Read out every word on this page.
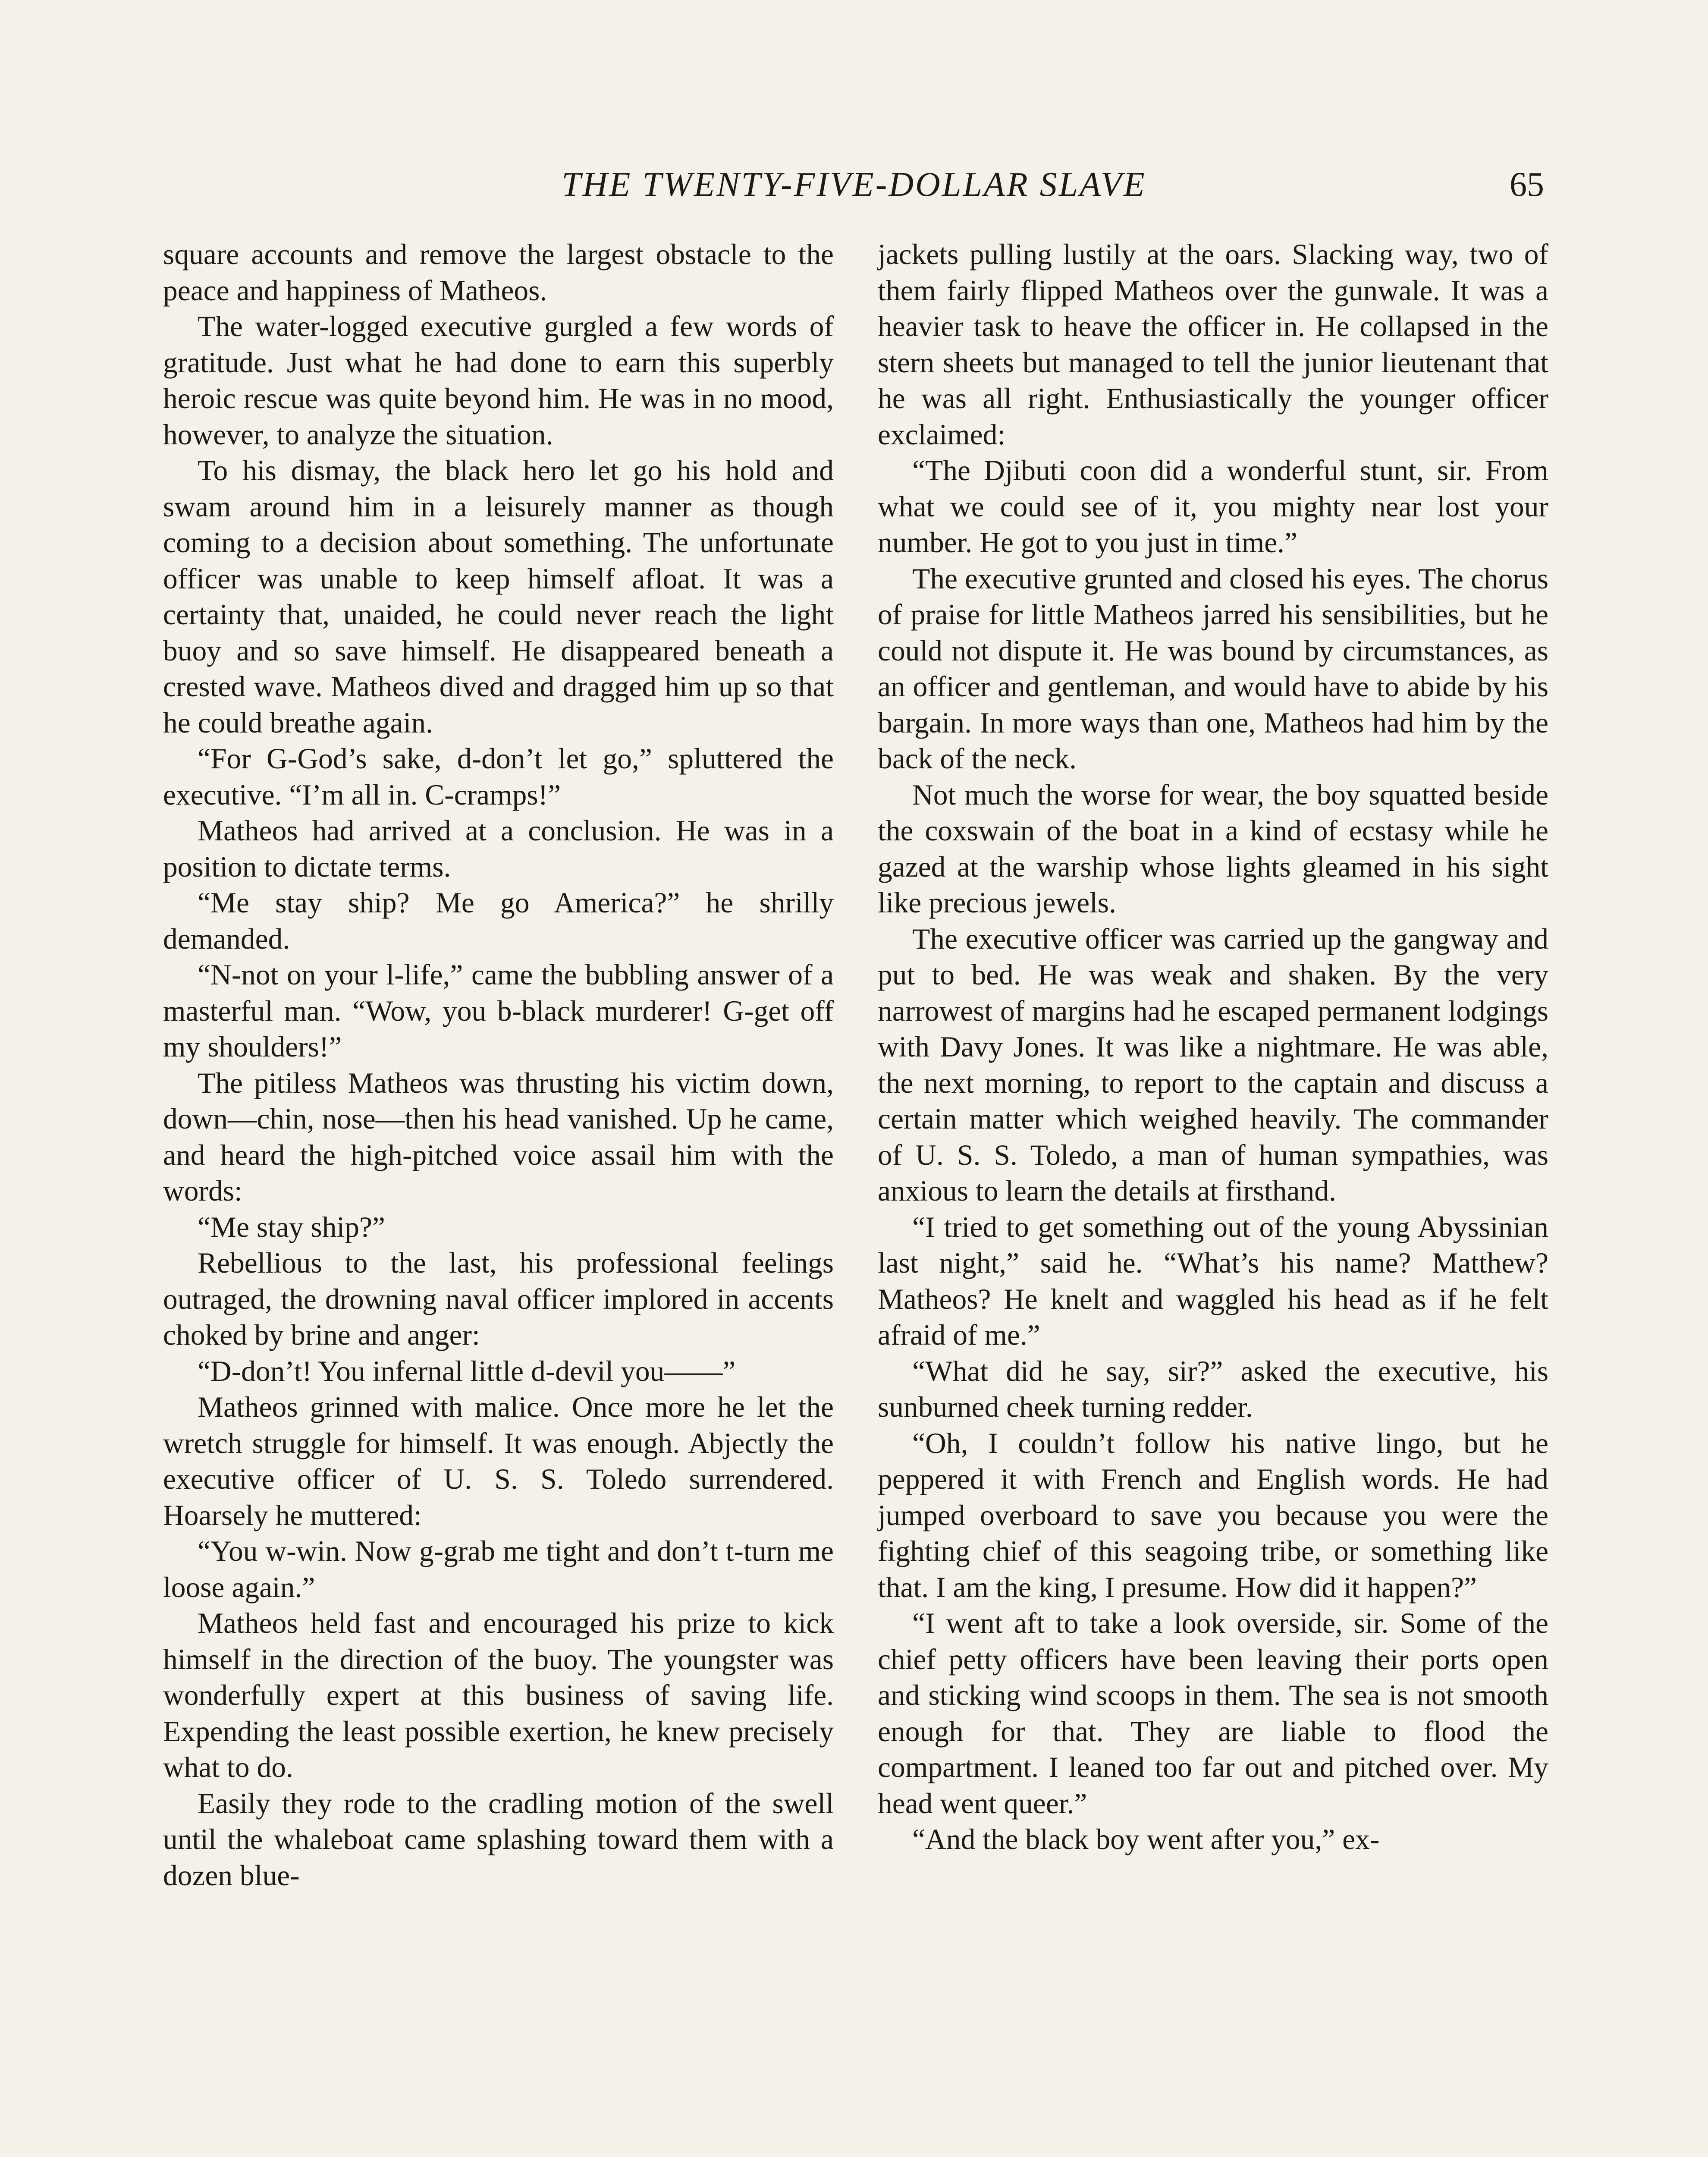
THE TWENTY-FIVE-DOLLAR SLAVE	65

square accounts and remove the largest obstacle to the peace and happiness of Matheos.

The water-logged executive gurgled a few words of gratitude. Just what he had done to earn this superbly heroic rescue was quite beyond him. He was in no mood, however, to analyze the situation.

To his dismay, the black hero let go his hold and swam around him in a leisurely manner as though coming to a decision about something. The unfortunate officer was unable to keep himself afloat. It was a certainty that, unaided, he could never reach the light buoy and so save himself. He disappeared beneath a crested wave. Matheos dived and dragged him up so that he could breathe again.

“For G-God’s sake, d-don’t let go,” spluttered the executive. “I’m all in. C-cramps!”

Matheos had arrived at a conclusion. He was in a position to dictate terms.

“Me stay ship? Me go America?” he shrilly demanded.

“N-not on your l-life,” came the bubbling answer of a masterful man. “Wow, you b-black murderer! G-get off my shoulders!”

The pitiless Matheos was thrusting his victim down, down—chin, nose—then his head vanished. Up he came, and heard the high-pitched voice assail him with the words:

“Me stay ship?”

Rebellious to the last, his professional feelings outraged, the drowning naval officer implored in accents choked by brine and anger:

“D-don’t! You infernal little d-devil you——”

Matheos grinned with malice. Once more he let the wretch struggle for himself. It was enough. Abjectly the executive officer of U. S. S. Toledo surrendered. Hoarsely he muttered:

“You w-win. Now g-grab me tight and don’t t-turn me loose again.”

Matheos held fast and encouraged his prize to kick himself in the direction of the buoy. The youngster was wonderfully expert at this business of saving life. Expending the least possible exertion, he knew precisely what to do.

Easily they rode to the cradling motion of the swell until the whaleboat came splashing toward them with a dozen blue-

jackets pulling lustily at the oars. Slacking way, two of them fairly flipped Matheos over the gunwale. It was a heavier task to heave the officer in. He collapsed in the stern sheets but managed to tell the junior lieutenant that he was all right. Enthusiastically the younger officer exclaimed:

“The Djibuti coon did a wonderful stunt, sir. From what we could see of it, you mighty near lost your number. He got to you just in time.”

The executive grunted and closed his eyes. The chorus of praise for little Matheos jarred his sensibilities, but he could not dispute it. He was bound by circumstances, as an officer and gentleman, and would have to abide by his bargain. In more ways than one, Matheos had him by the back of the neck.

Not much the worse for wear, the boy squatted beside the coxswain of the boat in a kind of ecstasy while he gazed at the warship whose lights gleamed in his sight like precious jewels.

The executive officer was carried up the gangway and put to bed. He was weak and shaken. By the very narrowest of margins had he escaped permanent lodgings with Davy Jones. It was like a nightmare. He was able, the next morning, to report to the captain and discuss a certain matter which weighed heavily. The commander of U. S. S. Toledo, a man of human sympathies, was anxious to learn the details at firsthand.

“I tried to get something out of the young Abyssinian last night,” said he. “What’s his name? Matthew? Matheos? He knelt and waggled his head as if he felt afraid of me.”

“What did he say, sir?” asked the executive, his sunburned cheek turning redder.

“Oh, I couldn’t follow his native lingo, but he peppered it with French and English words. He had jumped overboard to save you because you were the fighting chief of this seagoing tribe, or something like that. I am the king, I presume. How did it happen?”

“I went aft to take a look overside, sir. Some of the chief petty officers have been leaving their ports open and sticking wind scoops in them. The sea is not smooth enough for that. They are liable to flood the compartment. I leaned too far out and pitched over. My head went queer.”

“And the black boy went after you,” ex-
